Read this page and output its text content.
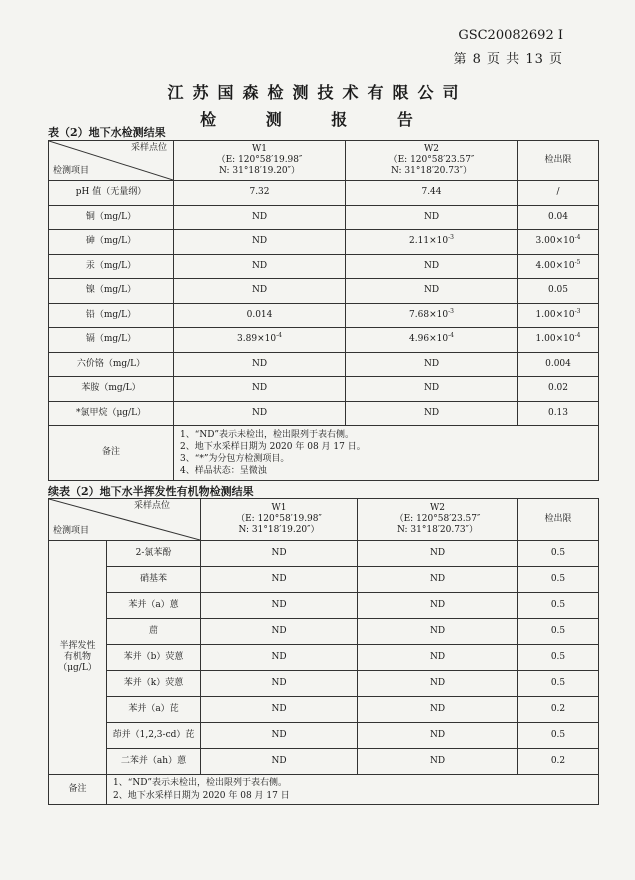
GSC20082692 I
第 8 页 共 13 页
江苏国森检测技术有限公司
检 测 报 告
表（2）地下水检测结果
采样点位
检测项目	W1
（E: 120°58′19.98″
N: 31°18′19.20″）	W2
（E: 120°58′23.57″
N: 31°18′20.73″）	检出限
pH 值（无量纲）	7.32	7.44	/
铜（mg/L）	ND	ND	0.04
砷（mg/L）	ND	$2.11\times 10^{-3}$	$3.00\times 10^{-4}$
汞（mg/L）	ND	ND	$4.00\times 10^{-5}$
镍（mg/L）	ND	ND	0.05
铅（mg/L）	0.014	$7.68\times 10^{-3}$	$1.00\times 10^{-3}$
镉（mg/L）	$3.89\times 10^{-4}$	$4.96\times 10^{-4}$	$1.00\times 10^{-4}$
六价铬（mg/L）	ND	ND	0.004
苯胺（mg/L）	ND	ND	0.02
*氯甲烷（μg/L）	ND	ND	0.13
备注	1、“ND”表示未检出，检出限列于表右侧。
2、地下水采样日期为 2020 年 08 月 17 日。
3、“*”为分包方检测项目。
4、样品状态：呈微浊		
续表（2）地下水半挥发性有机物检测结果
采样点位
检测项目		W1
（E: 120°58′19.98″
N: 31°18′19.20″）	W2
（E: 120°58′23.57″
N: 31°18′20.73″）	检出限

半挥发性
有机物
（μg/L）	2-氯苯酚	ND	ND	0.5
	硝基苯	ND	ND	0.5
	苯并（a）蒽	ND	ND	0.5
	䓛	ND	ND	0.5
	苯并（b）荧蒽	ND	ND	0.5
	苯并（k）荧蒽	ND	ND	0.5
	苯并（a）芘	ND	ND	0.2
	茚并（1,2,3-cd）芘	ND	ND	0.5
	二苯并（ah）蒽	ND	ND	0.2
备注	1、“ND”表示未检出，检出限列于表右侧。
2、地下水采样日期为 2020 年 08 月 17 日			
